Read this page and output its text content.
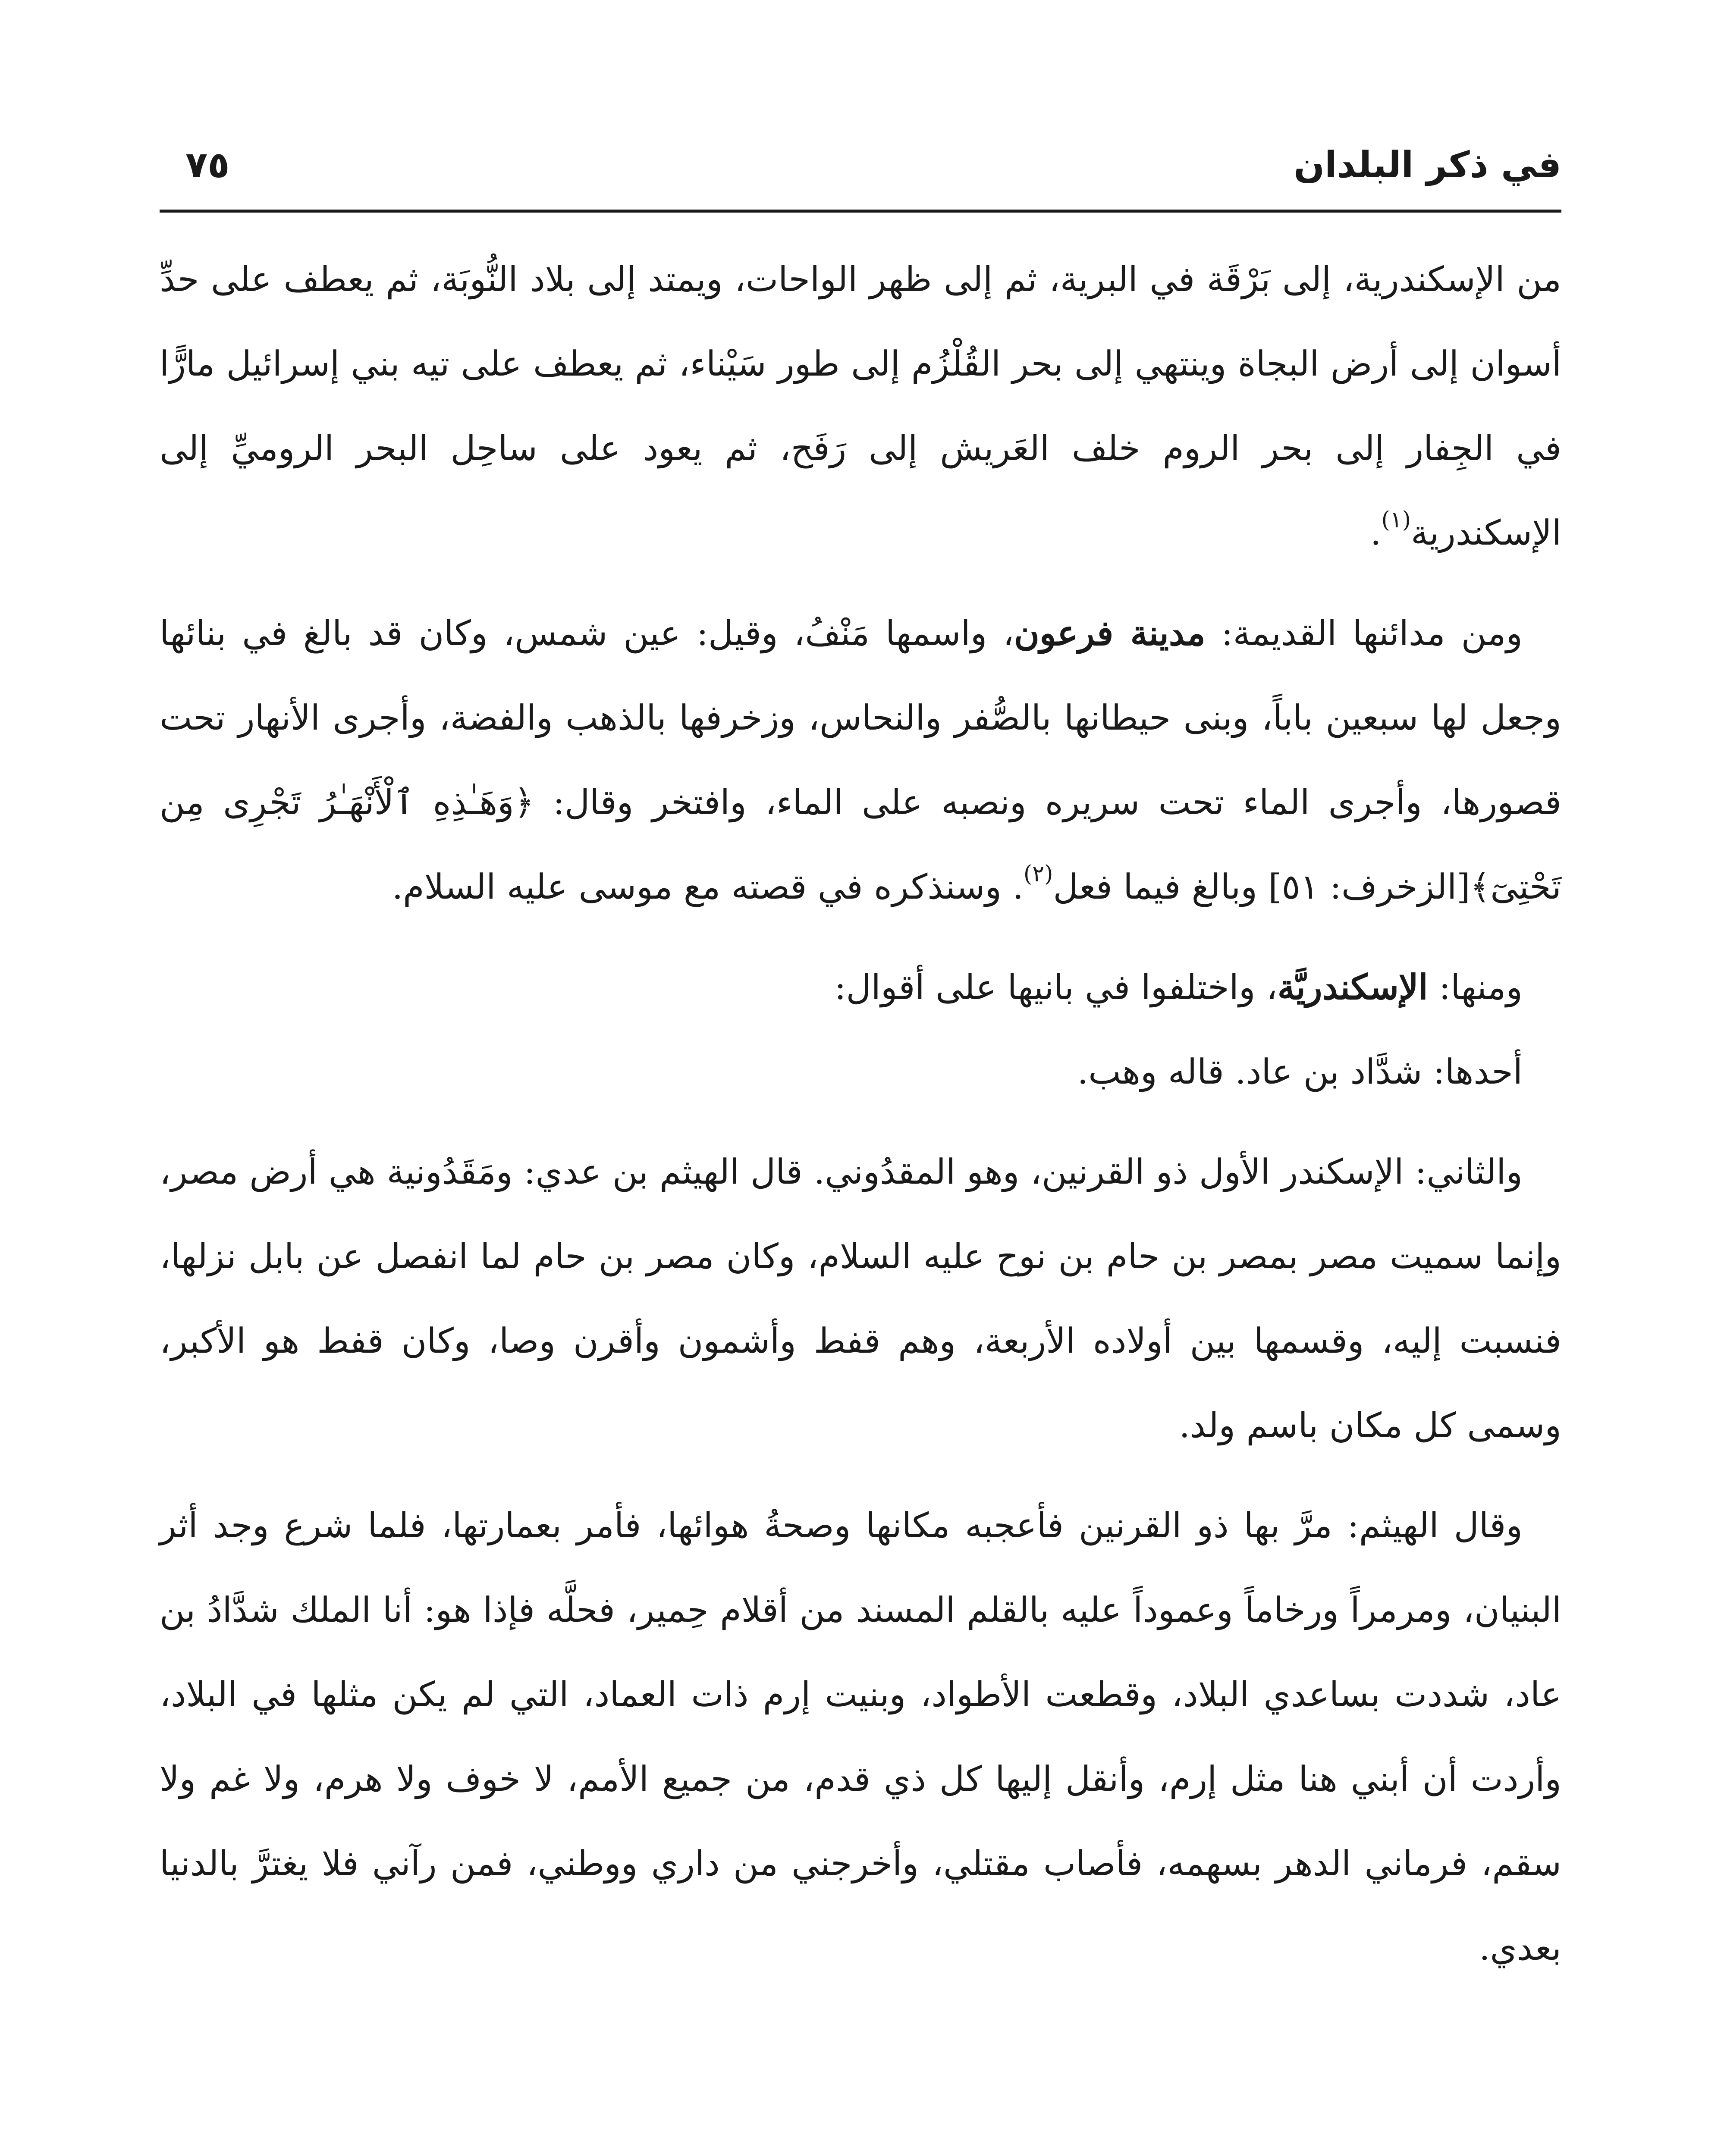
في ذكر البلدان
٧٥

من الإسكندرية، إلى بَرْقَة في البرية، ثم إلى ظهر الواحات، ويمتد إلى بلاد النُّوبَة، ثم يعطف على حدِّ أسوان إلى أرض البجاة وينتهي إلى بحر القُلْزُم إلى طور سَيْناء، ثم يعطف على تيه بني إسرائيل مارًّا في الجِفار إلى بحر الروم خلف العَريش إلى رَفَح، ثم يعود على ساحِل البحر الروميِّ إلى الإسكندرية$^{(١)}$.

ومن مدائنها القديمة: مدينة فرعون، واسمها مَنْفُ، وقيل: عين شمس، وكان قد بالغ في بنائها وجعل لها سبعين باباً، وبنى حيطانها بالصُّفر والنحاس، وزخرفها بالذهب والفضة، وأجرى الأنهار تحت قصورها، وأجرى الماء تحت سريره ونصبه على الماء، وافتخر وقال: ﴿وَهَـٰذِهِ ٱلْأَنْهَـٰرُ تَجْرِى مِن تَحْتِىٓ﴾[الزخرف: ٥١] وبالغ فيما فعل$^{(٢)}$. وسنذكره في قصته مع موسى عليه السلام.

ومنها: الإسكندريَّة، واختلفوا في بانيها على أقوال:

أحدها: شدَّاد بن عاد. قاله وهب.

والثاني: الإسكندر الأول ذو القرنين، وهو المقدُوني. قال الهيثم بن عدي: ومَقَدُونية هي أرض مصر، وإنما سميت مصر بمصر بن حام بن نوح عليه السلام، وكان مصر بن حام لما انفصل عن بابل نزلها، فنسبت إليه، وقسمها بين أولاده الأربعة، وهم قفط وأشمون وأقرن وصا، وكان قفط هو الأكبر، وسمى كل مكان باسم ولد.

وقال الهيثم: مرَّ بها ذو القرنين فأعجبه مكانها وصحةُ هوائها، فأمر بعمارتها، فلما شرع وجد أثر البنيان، ومرمراً ورخاماً وعموداً عليه بالقلم المسند من أقلام حِمير، فحلَّه فإذا هو: أنا الملك شدَّادُ بن عاد، شددت بساعدي البلاد، وقطعت الأطواد، وبنيت إرم ذات العماد، التي لم يكن مثلها في البلاد، وأردت أن أبني هنا مثل إرم، وأنقل إليها كل ذي قدم، من جميع الأمم، لا خوف ولا هرم، ولا غم ولا سقم، فرماني الدهر بسهمه، فأصاب مقتلي، وأخرجني من داري ووطني، فمن رآني فلا يغترَّ بالدنيا بعدي.
